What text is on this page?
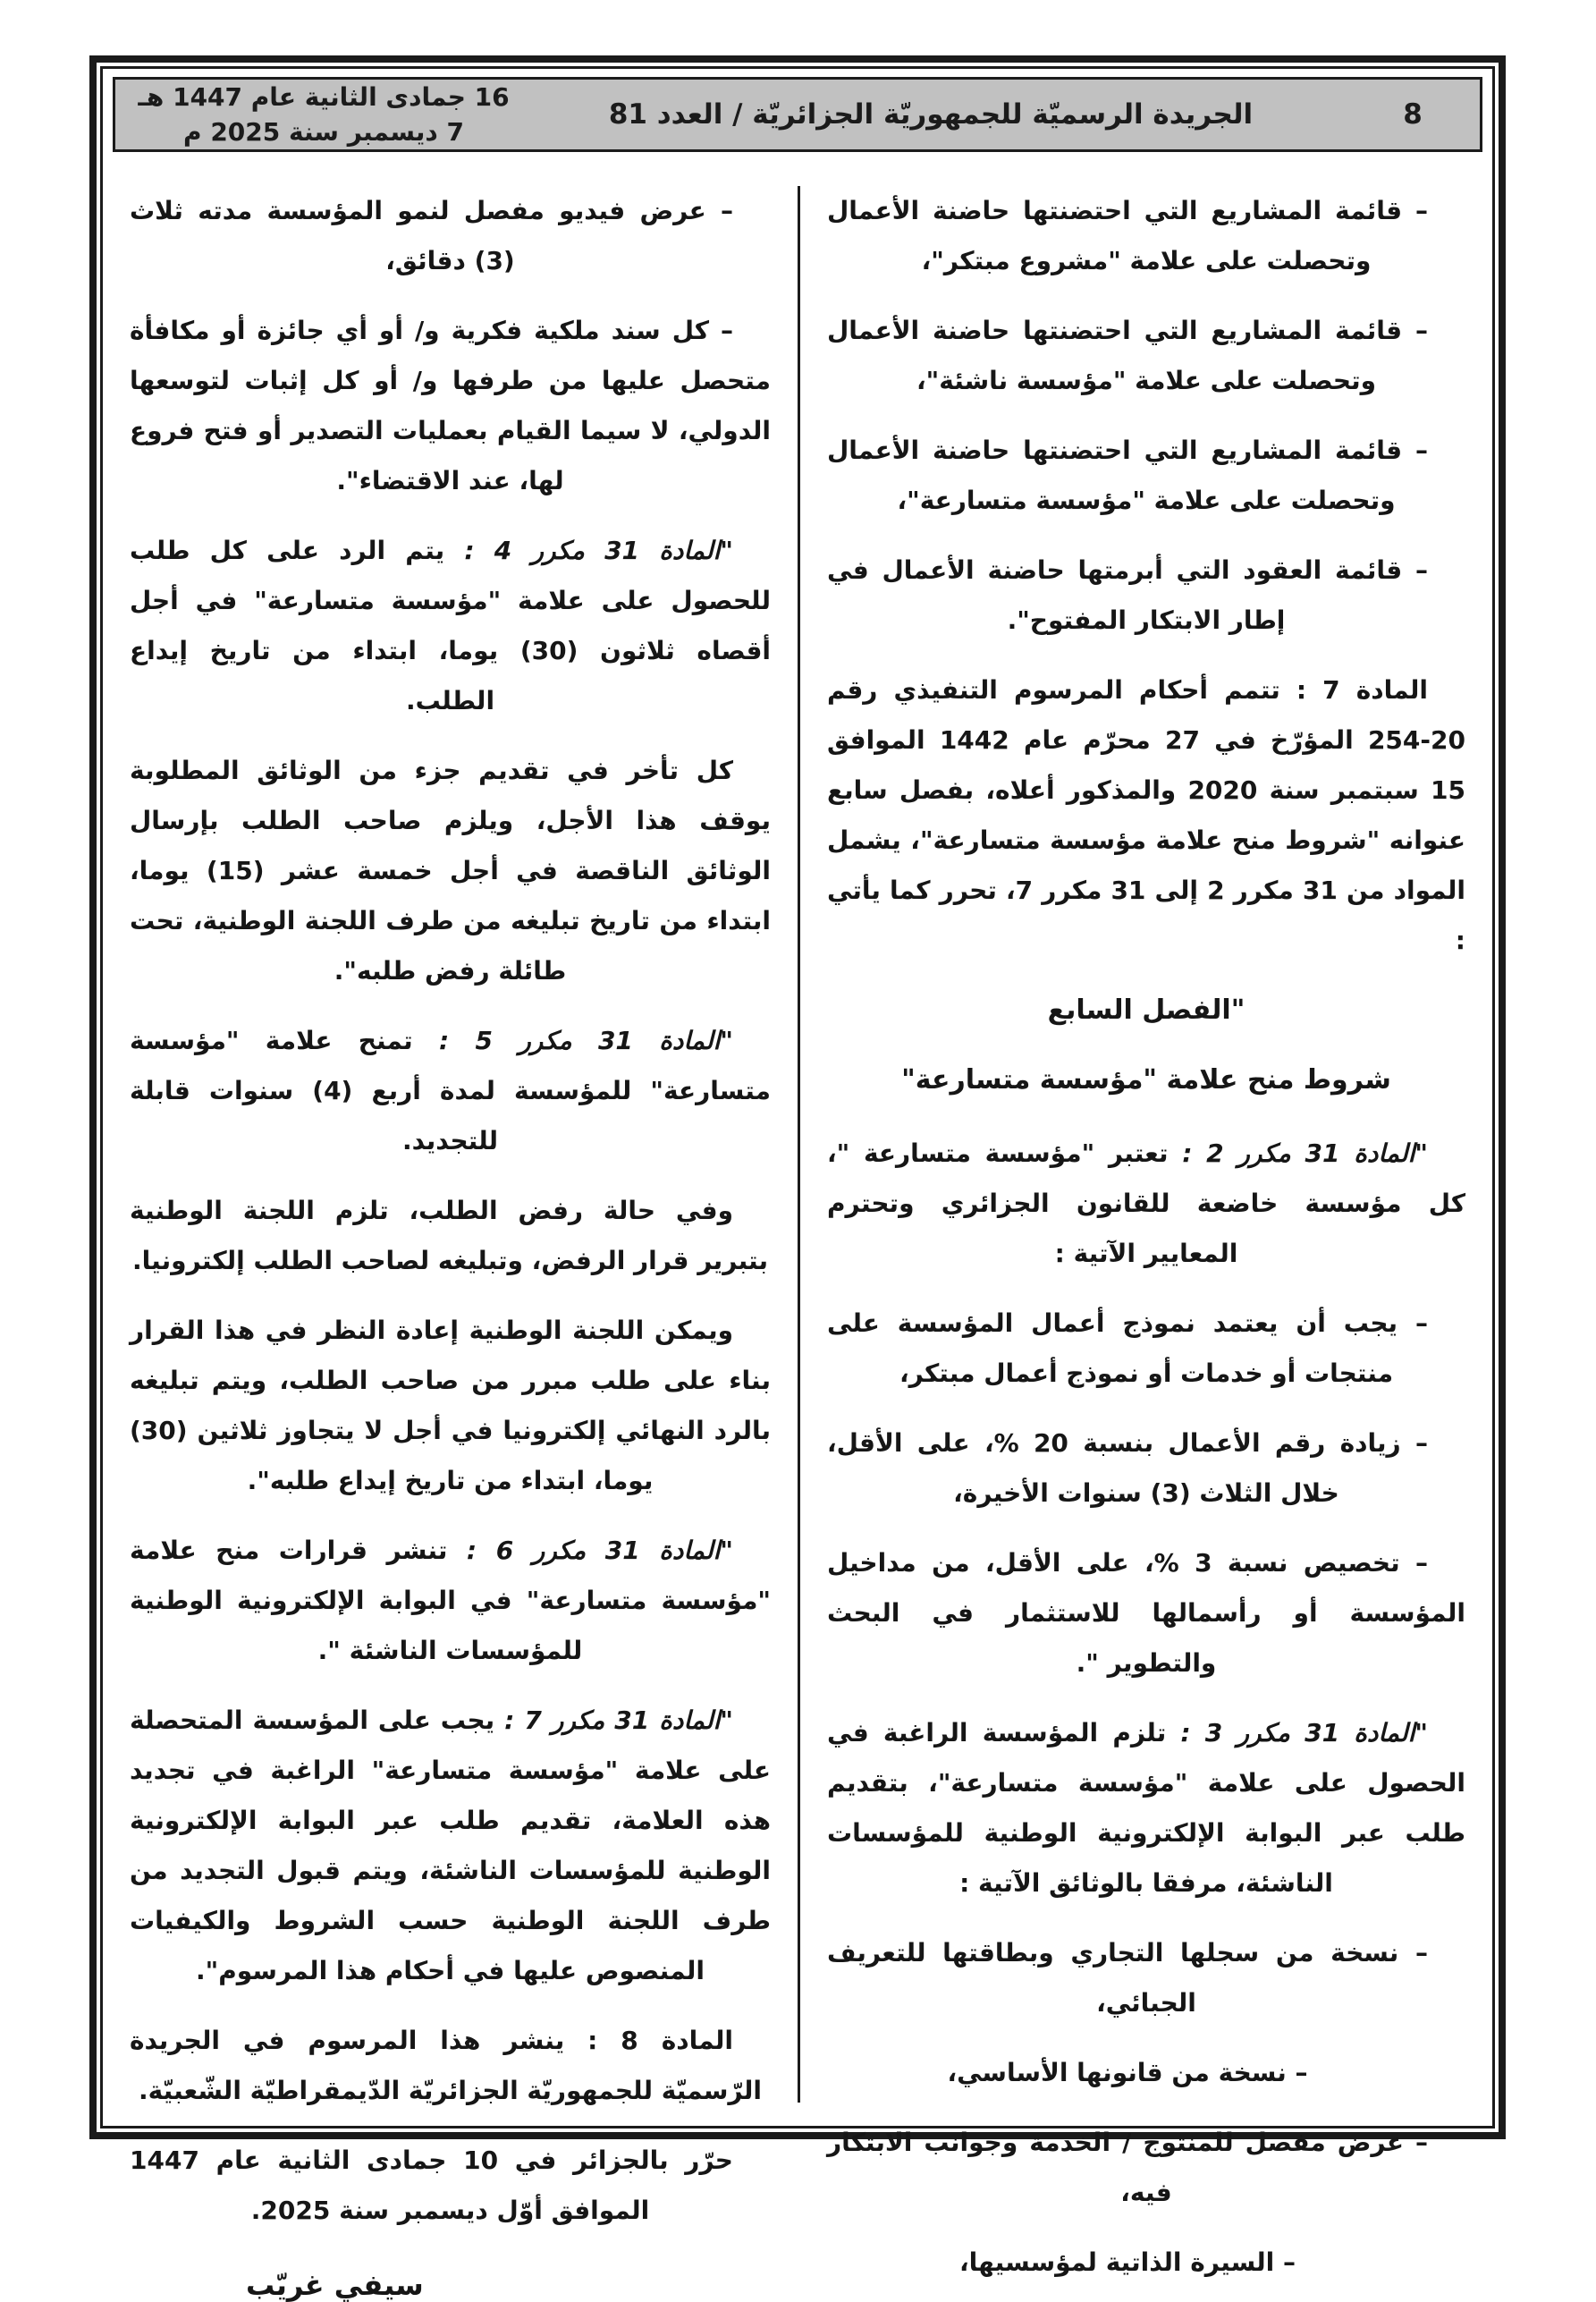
8
الجريدة الرسميّة للجمهوريّة الجزائريّة / العدد 81
16 جمادى الثانية عام 1447 هـ
7 ديسمبر سنة 2025 م

– قائمة المشاريع التي احتضنتها حاضنة الأعمال وتحصلت على علامة "مشروع مبتكر"،

– قائمة المشاريع التي احتضنتها حاضنة الأعمال وتحصلت على علامة "مؤسسة ناشئة"،

– قائمة المشاريع التي احتضنتها حاضنة الأعمال وتحصلت على علامة "مؤسسة متسارعة"،

– قائمة العقود التي أبرمتها حاضنة الأعمال في إطار الابتكار المفتوح".

المادة 7 : تتمم أحكام المرسوم التنفيذي رقم 20‏-‏254 المؤرّخ في 27 محرّم عام 1442 الموافق 15 سبتمبر سنة 2020 والمذكور أعلاه، بفصل سابع عنوانه "شروط منح علامة مؤسسة متسارعة"، يشمل المواد من 31 مكرر 2 إلى 31 مكرر 7، تحرر كما يأتي :

"الفصل السابع

شروط منح علامة "مؤسسة متسارعة"

"المادة 31 مكرر 2 : تعتبر "مؤسسة متسارعة "، كل مؤسسة خاضعة للقانون الجزائري وتحترم المعايير الآتية :

– يجب أن يعتمد نموذج أعمال المؤسسة على منتجات أو خدمات أو نموذج أعمال مبتكر،

– زيادة رقم الأعمال بنسبة 20 ‏%، على الأقل، خلال الثلاث (3) سنوات الأخيرة،

– تخصيص نسبة 3 ‏%، على الأقل، من مداخيل المؤسسة أو رأسمالها للاستثمار في البحث والتطوير ".

"المادة 31 مكرر 3 : تلزم المؤسسة الراغبة في الحصول على علامة "مؤسسة متسارعة"، بتقديم طلب عبر البوابة الإلكترونية الوطنية للمؤسسات الناشئة، مرفقا بالوثائق الآتية :

– نسخة من سجلها التجاري وبطاقتها للتعريف الجبائي،

– نسخة من قانونها الأساسي،

– عرض مفصل للمنتوج / الخدمة وجوانب الابتكار فيه،

– السيرة الذاتية لمؤسسيها،

– عرض فيديو مفصل لنمو المؤسسة مدته ثلاث (3) دقائق،

– كل سند ملكية فكرية و/ أو أي جائزة أو مكافأة متحصل عليها من طرفها و/ أو كل إثبات لتوسعها الدولي، لا سيما القيام بعمليات التصدير أو فتح فروع لها، عند الاقتضاء".

"المادة 31 مكرر 4 : يتم الرد على كل طلب للحصول على علامة "مؤسسة متسارعة" في أجل أقصاه ثلاثون (30) يوما، ابتداء من تاريخ إيداع الطلب.

كل تأخر في تقديم جزء من الوثائق المطلوبة يوقف هذا الأجل، ويلزم صاحب الطلب بإرسال الوثائق الناقصة في أجل خمسة عشر (15) يوما، ابتداء من تاريخ تبليغه من طرف اللجنة الوطنية، تحت طائلة رفض طلبه".

"المادة 31 مكرر 5 : تمنح علامة "مؤسسة متسارعة" للمؤسسة لمدة أربع (4) سنوات قابلة للتجديد.

وفي حالة رفض الطلب، تلزم اللجنة الوطنية بتبرير قرار الرفض، وتبليغه لصاحب الطلب إلكترونيا.

ويمكن اللجنة الوطنية إعادة النظر في هذا القرار بناء على طلب مبرر من صاحب الطلب، ويتم تبليغه بالرد النهائي إلكترونيا في أجل لا يتجاوز ثلاثين (30) يوما، ابتداء من تاريخ إيداع طلبه".

"المادة 31 مكرر 6 : تنشر قرارات منح علامة "مؤسسة متسارعة" في البوابة الإلكترونية الوطنية للمؤسسات الناشئة ".

"المادة 31 مكرر 7 : يجب على المؤسسة المتحصلة على علامة "مؤسسة متسارعة" الراغبة في تجديد هذه العلامة، تقديم طلب عبر البوابة الإلكترونية الوطنية للمؤسسات الناشئة، ويتم قبول التجديد من طرف اللجنة الوطنية حسب الشروط والكيفيات المنصوص عليها في أحكام هذا المرسوم".

المادة 8 : ينشر هذا المرسوم في الجريدة الرّسميّة للجمهوريّة الجزائريّة الدّيمقراطيّة الشّعبيّة.

حرّر بالجزائر في 10 جمادى الثانية عام 1447 الموافق أوّل ديسمبر سنة 2025.

سيفي غريّب
